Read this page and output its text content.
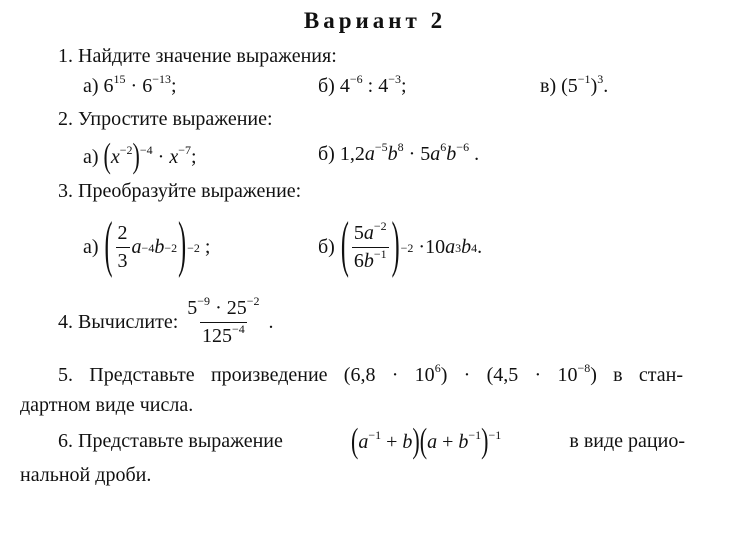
Вариант 2
1. Найдите значение выражения:
а) $6^{15} \cdot 6^{-13}$;	б) $4^{-6}$ : $4^{-3}$;	в) $(5^{-1})^3$.
2. Упростите выражение:
а) $(x^{-2})^{-4} \cdot x^{-7}$;	б) $1,2a^{-5}b^8 \cdot 5a^6b^{-6}$ .
3. Преобразуйте выражение:
а)
( $\frac{2}{3}$ a −4 b −2 ) −2
;	б)
( $\frac{5a^{-2}}{6b^{-1}}$ ) −2
· 10 a 3 b 4 .
4. Вычислите:
$\frac{5^{-9} \cdot 25^{-2}}{125^{-4}}$
.
5. Представьте произведение $(6,8 \cdot 10^6) \cdot (4,5 \cdot 10^{-8})$ в стан-
дартном виде числа.
6. Представьте выражение	$(a^{-1} + b)(a + b^{-1})^{-1}$	в виде рацио-
нальной дроби.
